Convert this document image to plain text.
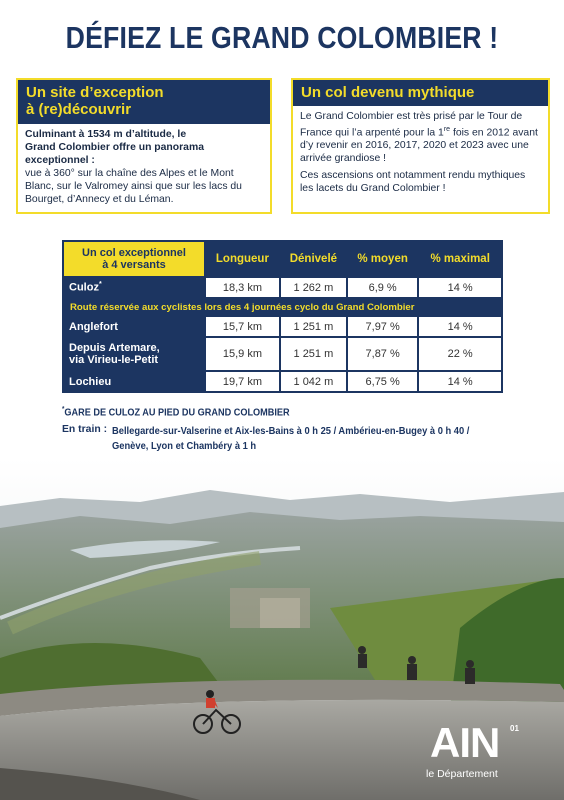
DÉFIEZ LE GRAND COLOMBIER !
Un site d’exception
à (re)découvrir
Culminant à 1534 m d’altitude, le
Grand Colombier offre un panorama
exceptionnel :
vue à 360° sur la chaîne des Alpes et le Mont Blanc, sur le Valromey ainsi que sur les lacs du Bourget, d’Annecy et du Léman.
Un col devenu mythique

Le Grand Colombier est très prisé par le Tour de France qui l’a arpenté pour la 1re fois en 2012 avant d’y revenir en 2016, 2017, 2020 et 2023 avec une arrivée grandiose !

Ces ascensions ont notamment rendu mythiques les lacets du Grand Colombier !

Un col exceptionnel
à 4 versants	Longueur	Dénivelé	% moyen	% maximal
Culoz*	18,3 km	1 262 m	6,9 %	14 %
Route réservée aux cyclistes lors des 4 journées cyclo du Grand Colombier				
Anglefort	15,7 km	1 251 m	7,97 %	14 %

Depuis Artemare,
via Virieu-le-Petit	15,9 km	1 251 m	7,87 %	22 %
Lochieu	19,7 km	1 042 m	6,75 %	14 %
*GARE DE CULOZ AU PIED DU GRAND COLOMBIER
En train : Bellegarde-sur-Valserine et Aix-les-Bains à 0 h 25 / Ambérieu-en-Bugey à 0 h 40 /
Genève, Lyon et Chambéry à 1 h
AIN 01
le Département
